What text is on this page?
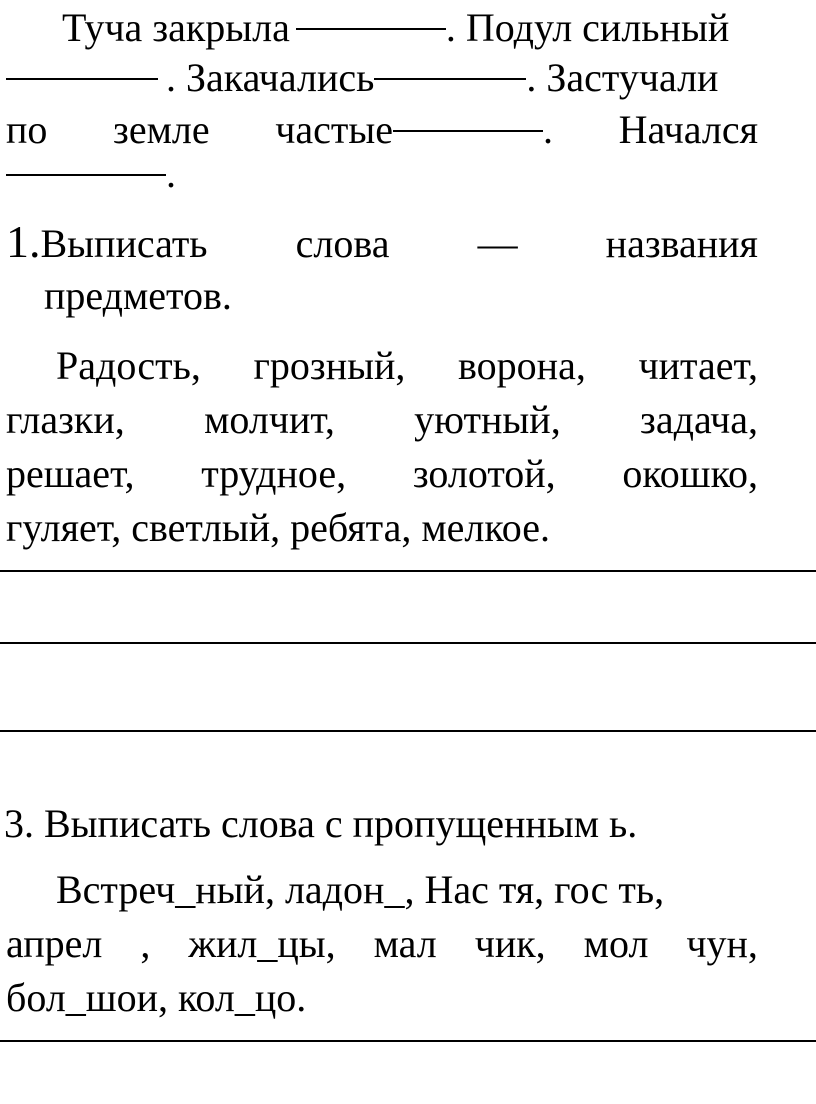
Туча закрыла	. Подул сильный
. Закачались	. Застучали
по земле частые	. Начался
.
1.Выписать слова — названия
предметов.
Радость, грозный, ворона, читает,
глазки, молчит, уютный, задача,
решает, трудное, золотой, окошко,
гуляет, светлый, ребята, мелкое.
3. Выписать слова с пропущенным ь.
Встреч_ный, ладон_, Нас тя, гос ть,
апрел , жил_цы, мал чик, мол чун,
бол_шои, кол_цо.
